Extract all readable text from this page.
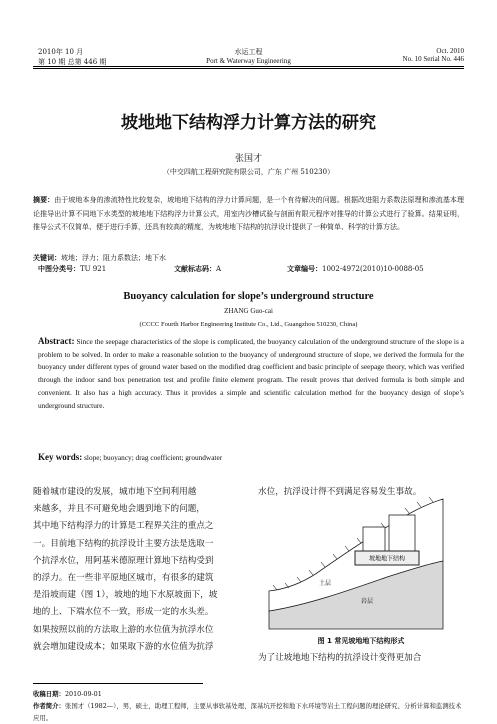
2010年 10 月
第 10 期 总第 446 期
水运工程
Port & Waterway Engineering
Oct. 2010
No. 10 Serial No. 446
坡地地下结构浮力计算方法的研究
张国才
（中交四航工程研究院有限公司，广东 广州 510230）
摘要：由于坡地本身的渗流特性比较复杂，坡地地下结构的浮力计算问题，是一个有待解决的问题。根据改进阻力系数法原理和渗流基本理论推导出计算不同地下水类型的坡地地下结构浮力计算公式，用室内沙槽试验与剖面有限元程序对推导的计算公式进行了验算。结果证明，推导公式不仅简单、便于进行手算，还具有较高的精度，为坡地地下结构的抗浮设计提供了一种简单、科学的计算方法。
关键词：坡地；浮力；阻力系数法；地下水
中图分类号：TU 921	文献标志码：A	文章编号：1002-4972(2010)10-0088-05
Buoyancy calculation for slope’s underground structure
ZHANG Guo-cai
(CCCC Fourth Harbor Engineering Institute Co., Ltd., Guangzhou 510230, China)
Abstract: Since the seepage characteristics of the slope is complicated, the buoyancy calculation of the underground structure of the slope is a problem to be solved. In order to make a reasonable solution to the buoyancy of underground structure of slope, we derived the formula for the buoyancy under different types of ground water based on the modified drag coefficient and basic principle of seepage theory, which was verified through the indoor sand box penetration test and profile finite element program. The result proves that derived formula is both simple and convenient. It also has a high accuracy. Thus it provides a simple and scientific calculation method for the buoyancy design of slope’s underground structure.
Key words: slope; buoyancy; drag coefficient; groundwater
随着城市建设的发展，城市地下空间利用越
来越多，并且不可避免地会遇到地下的问题，
其中地下结构浮力的计算是工程界关注的重点之
一。目前地下结构的抗浮设计主要方法是选取一
个抗浮水位，用阿基米德原理计算地下结构受到
的浮力。在一些非平原地区城市，有很多的建筑
是沿坡而建（图 1），坡地的地下水原坡面下，坡
地的上、下端水位不一致，形成一定的水头差。
如果按照以前的方法取上游的水位值为抗浮水位
就会增加建设成本；如果取下游的水位值为抗浮
水位，抗浮设计得不到满足容易发生事故。
坡地地下结构
土层
岩层
图 1 常见坡地地下结构形式
为了让坡地地下结构的抗浮设计变得更加合
收稿日期：2010-09-01
作者简介：张国才（1982—），男，硕士，助理工程师，主要从事软基处理、深基坑开挖和地下水环境等岩土工程问题的理论研究、分析计算和监测技术应用。
